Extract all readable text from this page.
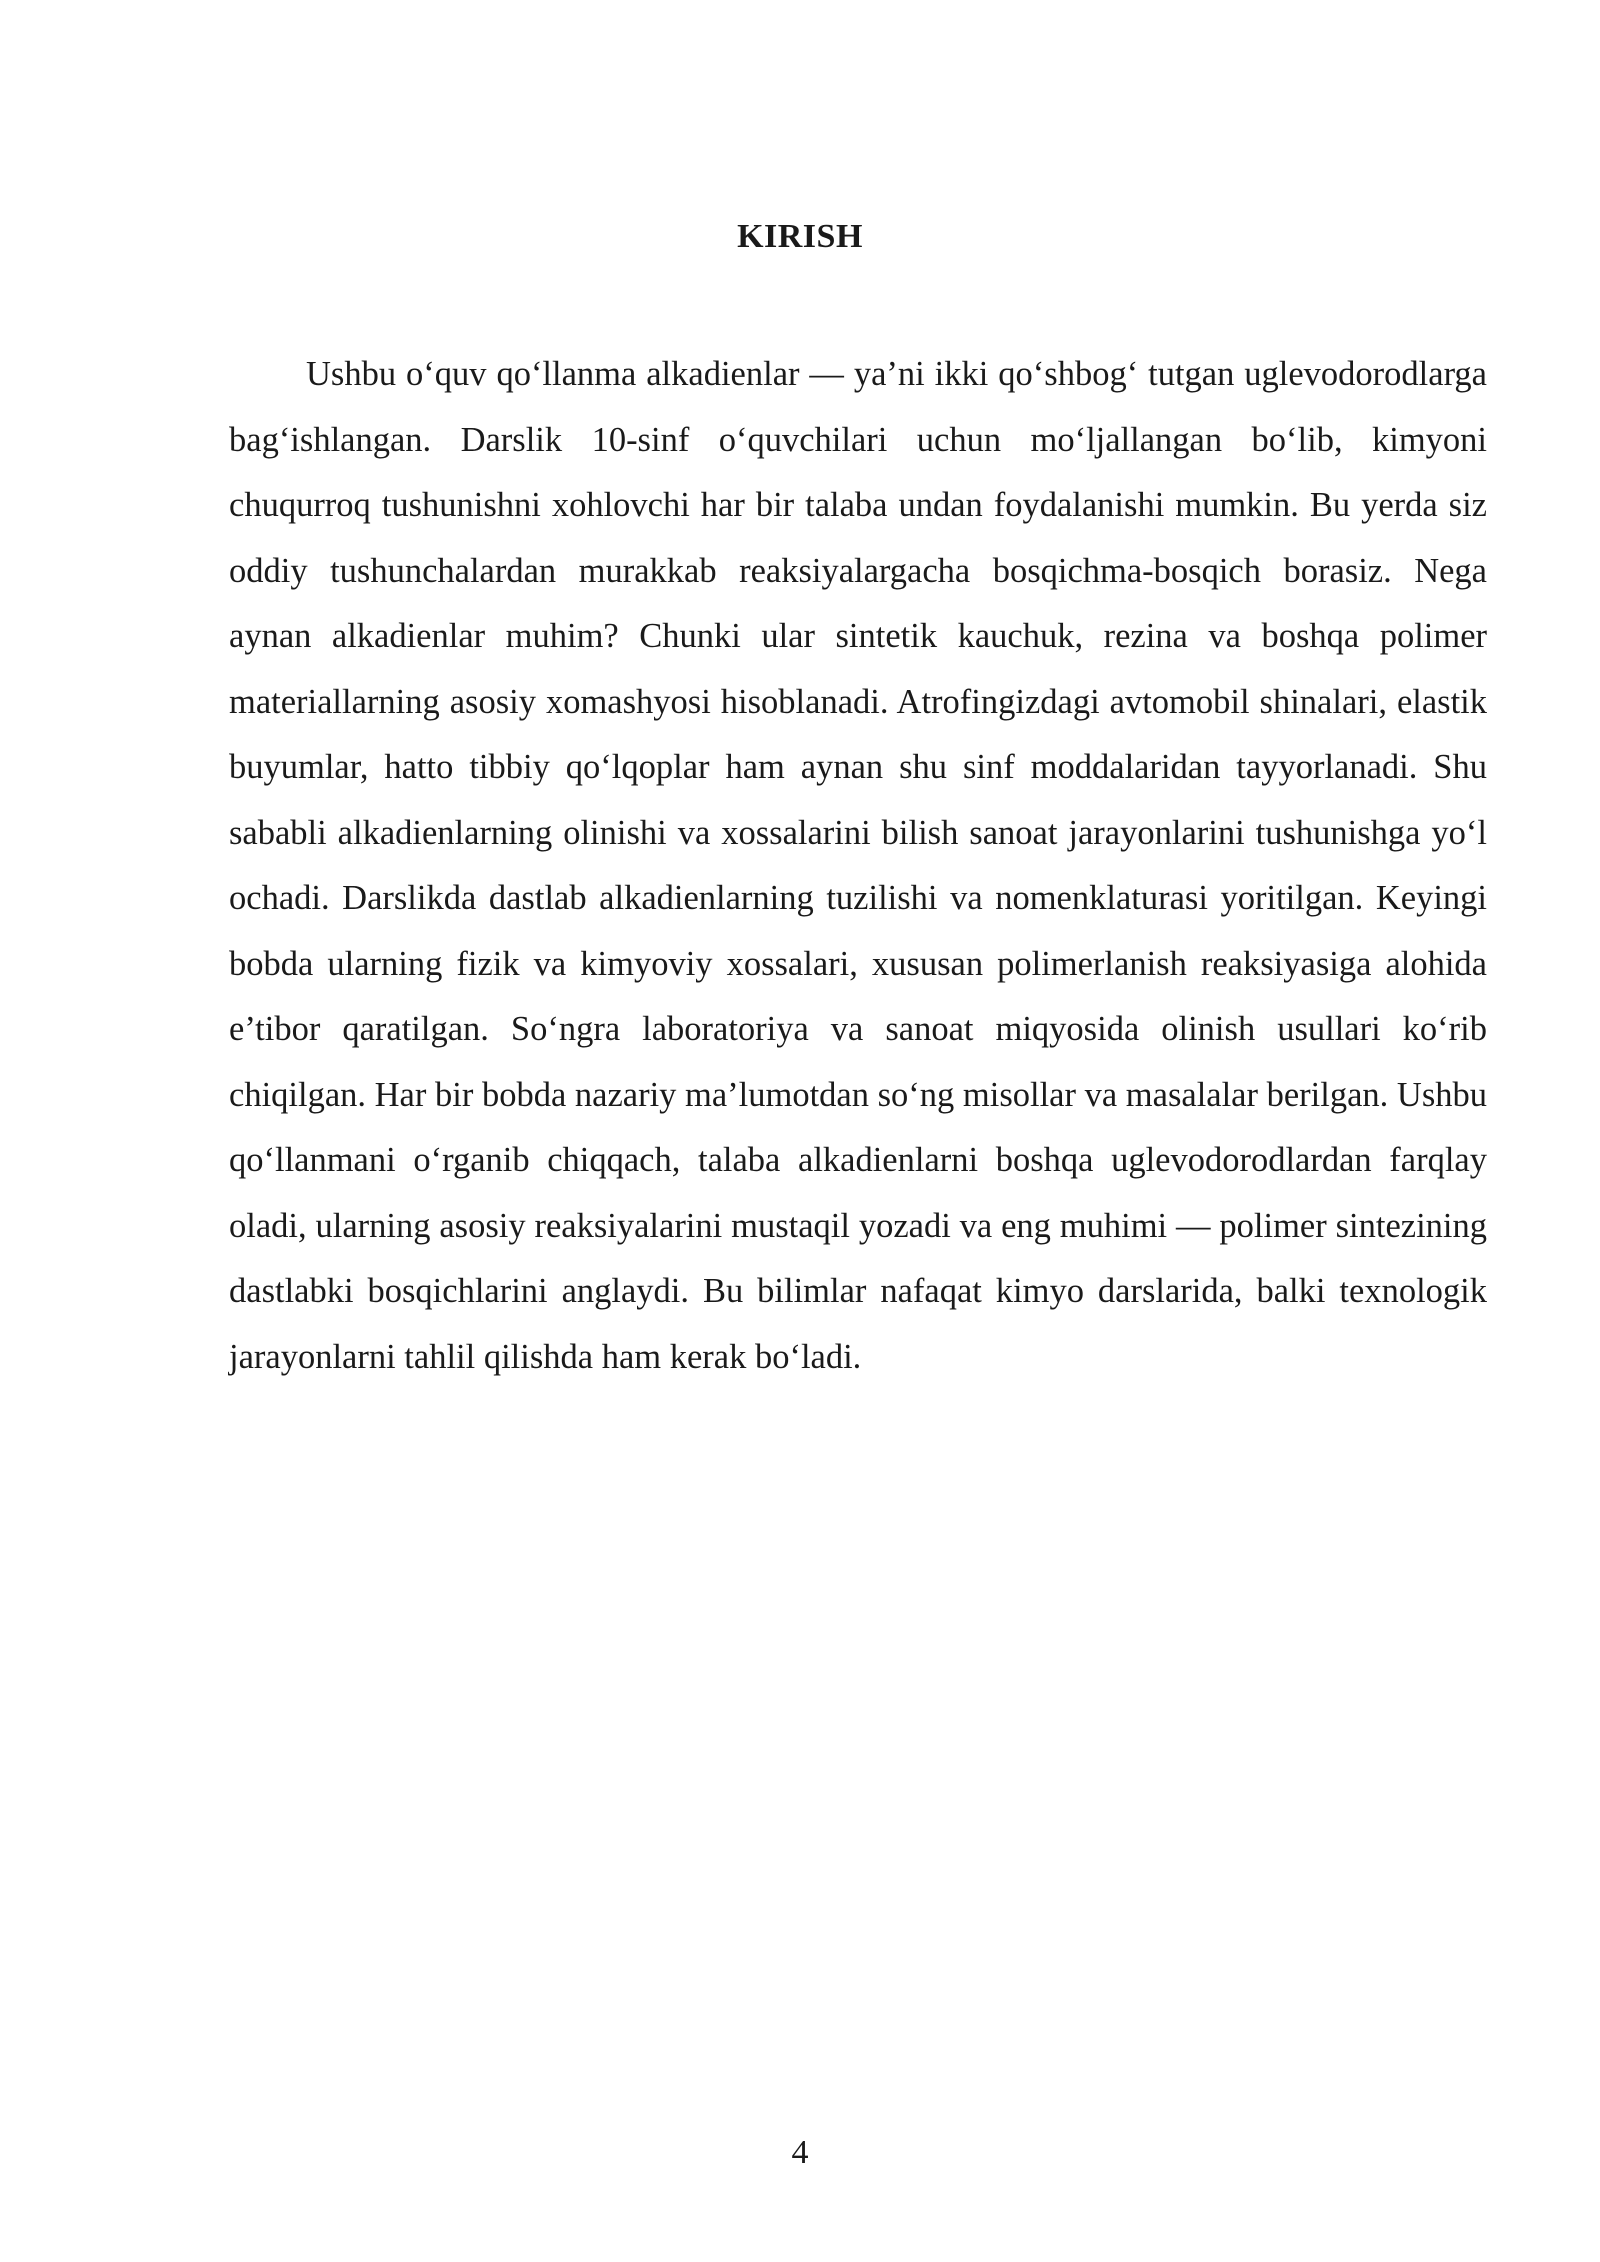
KIRISH

Ushbu o‘quv qo‘llanma alkadienlar — ya’ni ikki qo‘shbog‘ tutgan uglevodorodlarga bag‘ishlangan. Darslik 10-sinf o‘quvchilari uchun mo‘ljallangan bo‘lib, kimyoni chuqurroq tushunishni xohlovchi har bir talaba undan foydalanishi mumkin. Bu yerda siz oddiy tushunchalardan murakkab reaksiyalargacha bosqichma-bosqich borasiz. Nega aynan alkadienlar muhim? Chunki ular sintetik kauchuk, rezina va boshqa polimer materiallarning asosiy xomashyosi hisoblanadi. Atrofingizdagi avtomobil shinalari, elastik buyumlar, hatto tibbiy qo‘lqoplar ham aynan shu sinf moddalaridan tayyorlanadi. Shu sababli alkadienlarning olinishi va xossalarini bilish sanoat jarayonlarini tushunishga yo‘l ochadi. Darslikda dastlab alkadienlarning tuzilishi va nomenklaturasi yoritilgan. Keyingi bobda ularning fizik va kimyoviy xossalari, xususan polimerlanish reaksiyasiga alohida e’tibor qaratilgan. So‘ngra laboratoriya va sanoat miqyosida olinish usullari ko‘rib chiqilgan. Har bir bobda nazariy ma’lumotdan so‘ng misollar va masalalar berilgan. Ushbu qo‘llanmani o‘rganib chiqqach, talaba alkadienlarni boshqa uglevodorodlardan farqlay oladi, ularning asosiy reaksiyalarini mustaqil yozadi va eng muhimi — polimer sintezining dastlabki bosqichlarini anglaydi. Bu bilimlar nafaqat kimyo darslarida, balki texnologik jarayonlarni tahlil qilishda ham kerak bo‘ladi.

4
